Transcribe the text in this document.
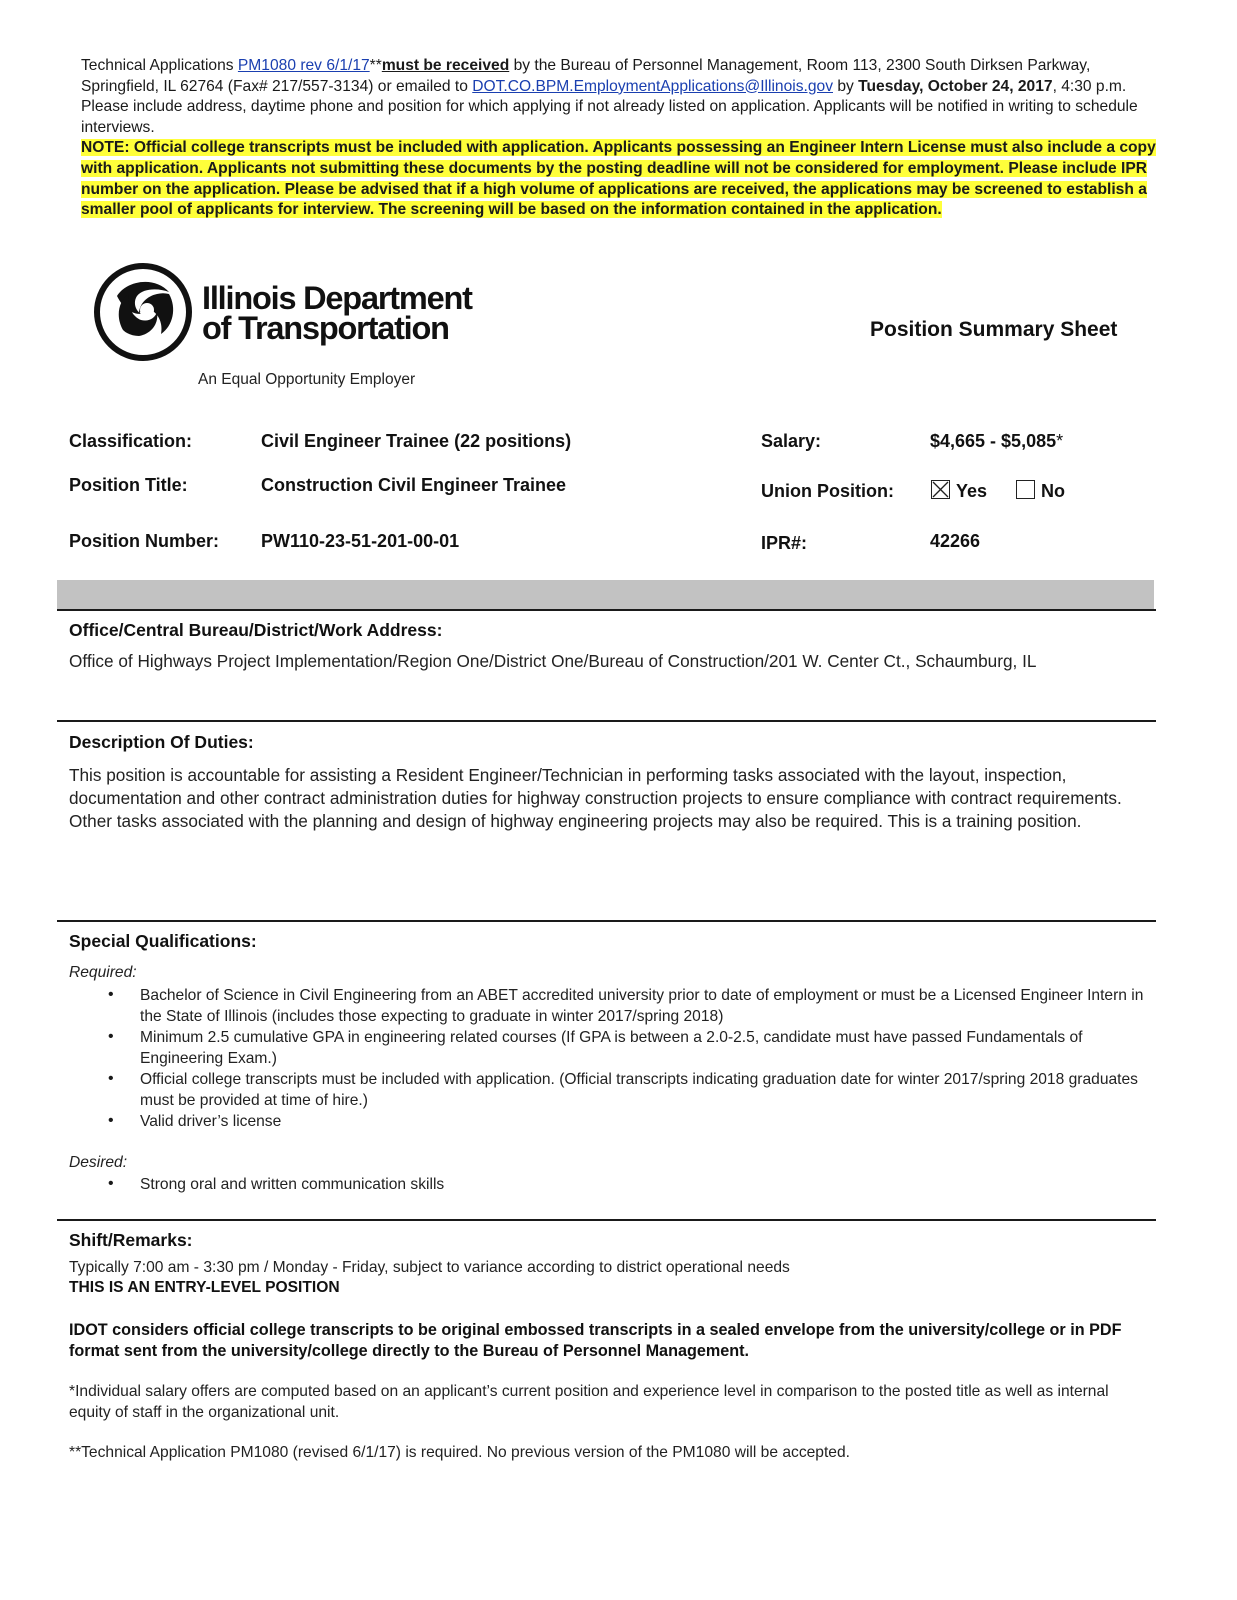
Technical Applications PM1080 rev 6/1/17**must be received by the Bureau of Personnel Management, Room 113, 2300 South Dirksen Parkway, Springfield, IL 62764 (Fax# 217/557-3134) or emailed to DOT.CO.BPM.EmploymentApplications@Illinois.gov by Tuesday, October 24, 2017, 4:30 p.m. Please include address, daytime phone and position for which applying if not already listed on application. Applicants will be notified in writing to schedule interviews.
NOTE: Official college transcripts must be included with application. Applicants possessing an Engineer Intern License must also include a copy with application. Applicants not submitting these documents by the posting deadline will not be considered for employment. Please include IPR number on the application. Please be advised that if a high volume of applications are received, the applications may be screened to establish a smaller pool of applicants for interview. The screening will be based on the information contained in the application.
Illinois Department
of Transportation
An Equal Opportunity Employer
Position Summary Sheet
Classification:	Civil Engineer Trainee (22 positions)
Position Title:	Construction Civil Engineer Trainee
Position Number: PW110-23-51-201-00-01
Salary:	$4,665 - $5,085*
Union Position:	Yes	No
IPR#:	42266
Office/Central Bureau/District/Work Address:
Office of Highways Project Implementation/Region One/District One/Bureau of Construction/201 W. Center Ct., Schaumburg, IL
Description Of Duties:
This position is accountable for assisting a Resident Engineer/Technician in performing tasks associated with the layout, inspection, documentation and other contract administration duties for highway construction projects to ensure compliance with contract requirements. Other tasks associated with the planning and design of highway engineering projects may also be required. This is a training position.
Special Qualifications:
Required:
• Bachelor of Science in Civil Engineering from an ABET accredited university prior to date of employment or must be a Licensed Engineer Intern in the State of Illinois (includes those expecting to graduate in winter 2017/spring 2018)
• Minimum 2.5 cumulative GPA in engineering related courses (If GPA is between a 2.0-2.5, candidate must have passed Fundamentals of Engineering Exam.)
• Official college transcripts must be included with application. (Official transcripts indicating graduation date for winter 2017/spring 2018 graduates must be provided at time of hire.)
• Valid driver’s license
Desired:
• Strong oral and written communication skills
Shift/Remarks:
Typically 7:00 am - 3:30 pm / Monday - Friday, subject to variance according to district operational needs
THIS IS AN ENTRY-LEVEL POSITION
IDOT considers official college transcripts to be original embossed transcripts in a sealed envelope from the university/college or in PDF format sent from the university/college directly to the Bureau of Personnel Management.
*Individual salary offers are computed based on an applicant’s current position and experience level in comparison to the posted title as well as internal equity of staff in the organizational unit.
**Technical Application PM1080 (revised 6/1/17) is required. No previous version of the PM1080 will be accepted.
